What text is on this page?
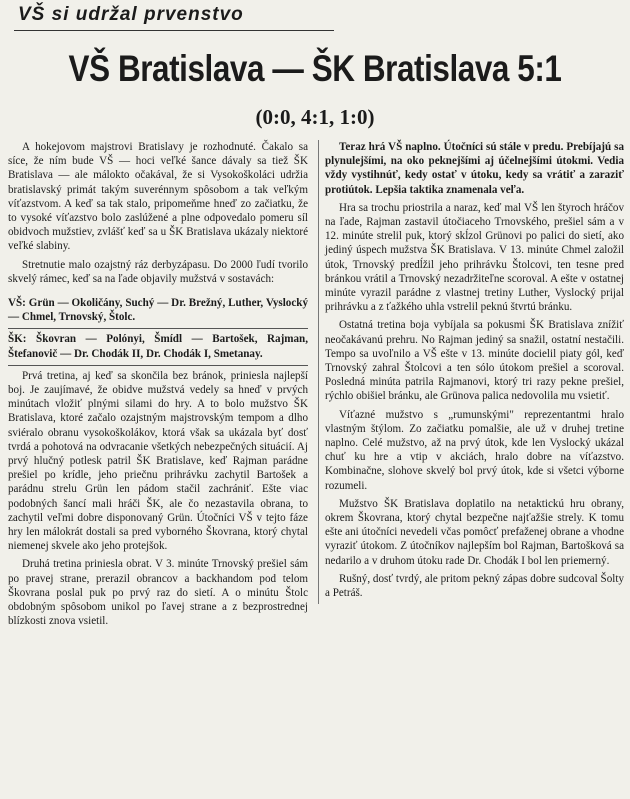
VŠ si udržal prvenstvo
VŠ Bratislava — ŠK Bratislava 5:1
(0:0, 4:1, 1:0)

A hokejovom majstrovi Bratislavy je rozhodnuté. Čakalo sa síce, že ním bude VŠ — hoci veľké šance dávaly sa tiež ŠK Bratislava — ale málokto očakával, že si Vysokoškoláci udržia bratislavský primát takým suverénnym spôsobom a tak veľkým víťazstvom. A keď sa tak stalo, pripomeňme hneď zo začiatku, že to vysoké víťazstvo bolo zaslúžené a plne odpovedalo pomeru síl obidvoch mužstiev, zvlášť keď sa u ŠK Bratislava ukázaly niektoré veľké slabiny.

Stretnutie malo ozajstný ráz derbyzápasu. Do 2000 ľudí tvorilo skvelý rámec, keď sa na ľade objavily mužstvá v sostavách:

VŠ: Grün — Okoličány, Suchý — Dr. Brežný, Luther, Vyslocký — Chmel, Trnovský, Štolc.

ŠK: Škovran — Polónyi, Šmídl — Bartošek, Rajman, Štefanovič — Dr. Chodák II, Dr. Chodák I, Smetanay.

Prvá tretina, aj keď sa skončila bez bránok, priniesla najlepší boj. Je zaujímavé, že obidve mužstvá vedely sa hneď v prvých minútach vložiť plnými silami do hry. A to bolo mužstvo ŠK Bratislava, ktoré začalo ozajstným majstrovským tempom a dlho sviéralo obranu vysokoškolákov, ktorá však sa ukázala byť dosť tvrdá a pohotová na odvracanie všetkých nebezpečných situácií. Aj prvý hlučný potlesk patril ŠK Bratislave, keď Rajman parádne prešiel po krídle, jeho priečnu prihrávku zachytil Bartošek a parádnu strelu Grün len pádom stačil zachrániť. Ešte viac podobných šancí mali hráči ŠK, ale čo nezastavila obrana, to zachytil veľmi dobre disponovaný Grün. Útočníci VŠ v tejto fáze hry len málokrát dostali sa pred vyborného Škovrana, ktorý chytal niemenej skvele ako jeho protejšok.

Druhá tretina priniesla obrat. V 3. minúte Trnovský prešiel sám po pravej strane, prerazil obrancov a backhandom pod telom Škovrana poslal puk po prvý raz do sietí. A o minútu Štolc obdobným spôsobom unikol po ľavej strane a z bezprostrednej blízkosti znova vsietil.

Teraz hrá VŠ naplno. Útočníci sú stále v predu. Prebíjajú sa plynulejšími, na oko peknejšími aj účelnejšími útokmi. Vedia vždy vystihnúť, kedy ostať v útoku, kedy sa vrátiť a zaraziť protiútok. Lepšia taktika znamenala veľa.

Hra sa trochu priostrila a naraz, keď mal VŠ len štyroch hráčov na ľade, Rajman zastavil útočiaceho Trnovského, prešiel sám a v 12. minúte strelil puk, ktorý skĺzol Grünovi po palici do sietí, ako jediný úspech mužstva ŠK Bratislava. V 13. minúte Chmel založil útok, Trnovský predĺžil jeho prihrávku Štolcovi, ten tesne pred bránkou vrátil a Trnovský nezadržiteľne scoroval. A ešte v ostatnej minúte vyrazil parádne z vlastnej tretiny Luther, Vyslocký prijal prihrávku a z ťažkého uhla vstrelil peknú štvrtú bránku.

Ostatná tretina boja vybíjala sa pokusmi ŠK Bratislava znížiť neočakávanú prehru. No Rajman jediný sa snažil, ostatní nestačili. Tempo sa uvoľnilo a VŠ ešte v 13. minúte docielil piaty gól, keď Trnovský zahral Štolcovi a ten sólo útokom prešiel a scoroval. Posledná minúta patrila Rajmanovi, ktorý tri razy pekne prešiel, rýchlo obišiel bránku, ale Grünova palica nedovolila mu vsietiť.

Víťazné mužstvo s „rumunskými" reprezentantmi hralo vlastným štýlom. Zo začiatku pomalšie, ale už v druhej tretine naplno. Celé mužstvo, až na prvý útok, kde len Vyslocký ukázal chuť ku hre a vtip v akciách, hralo dobre na víťazstvo. Kombinačne, slohove skvelý bol prvý útok, kde si všetci výborne rozumeli.

Mužstvo ŠK Bratislava doplatilo na netaktickú hru obrany, okrem Škovrana, ktorý chytal bezpečne najťažšie strely. K tomu ešte ani útočníci nevedeli včas pomôcť prefaženej obrane a vhodne vyraziť útokom. Z útočníkov najlepším bol Rajman, Bartošková sa nedarilo a v druhom útoku rade Dr. Chodák I bol len priemerný.

Rušný, dosť tvrdý, ale pritom pekný zápas dobre sudcoval Šolty a Petráš.
